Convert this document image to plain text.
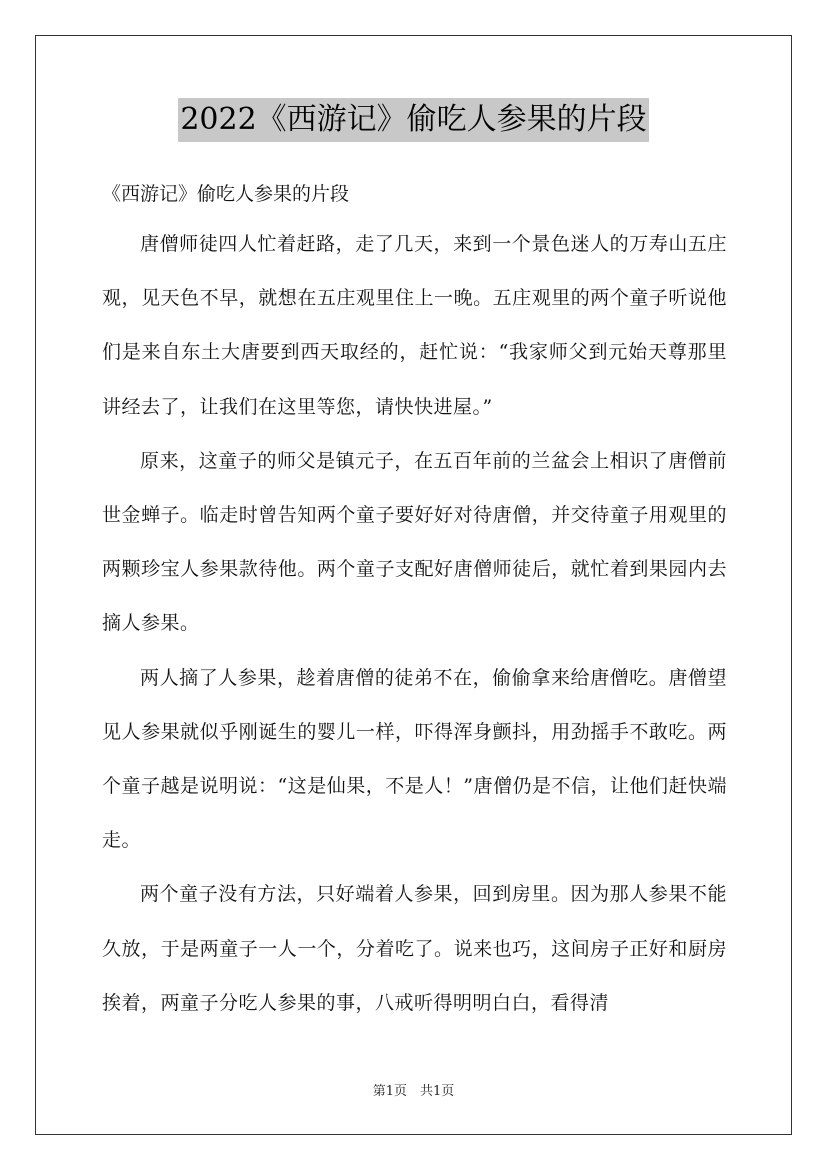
2022《西游记》偷吃人参果的片段

《西游记》偷吃人参果的片段

唐僧师徒四人忙着赶路，走了几天，来到一个景色迷人的万寿山五庄观，见天色不早，就想在五庄观里住上一晚。五庄观里的两个童子听说他们是来自东土大唐要到西天取经的，赶忙说：“我家师父到元始天尊那里讲经去了，让我们在这里等您，请快快进屋。”

原来，这童子的师父是镇元子，在五百年前的兰盆会上相识了唐僧前世金蝉子。临走时曾告知两个童子要好好对待唐僧，并交待童子用观里的两颗珍宝人参果款待他。两个童子支配好唐僧师徒后，就忙着到果园内去摘人参果。

两人摘了人参果，趁着唐僧的徒弟不在，偷偷拿来给唐僧吃。唐僧望见人参果就似乎刚诞生的婴儿一样，吓得浑身颤抖，用劲摇手不敢吃。两个童子越是说明说：“这是仙果，不是人！”唐僧仍是不信，让他们赶快端走。

两个童子没有方法，只好端着人参果，回到房里。因为那人参果不能久放，于是两童子一人一个，分着吃了。说来也巧，这间房子正好和厨房挨着，两童子分吃人参果的事，八戒听得明明白白，看得清

第1页　共1页
